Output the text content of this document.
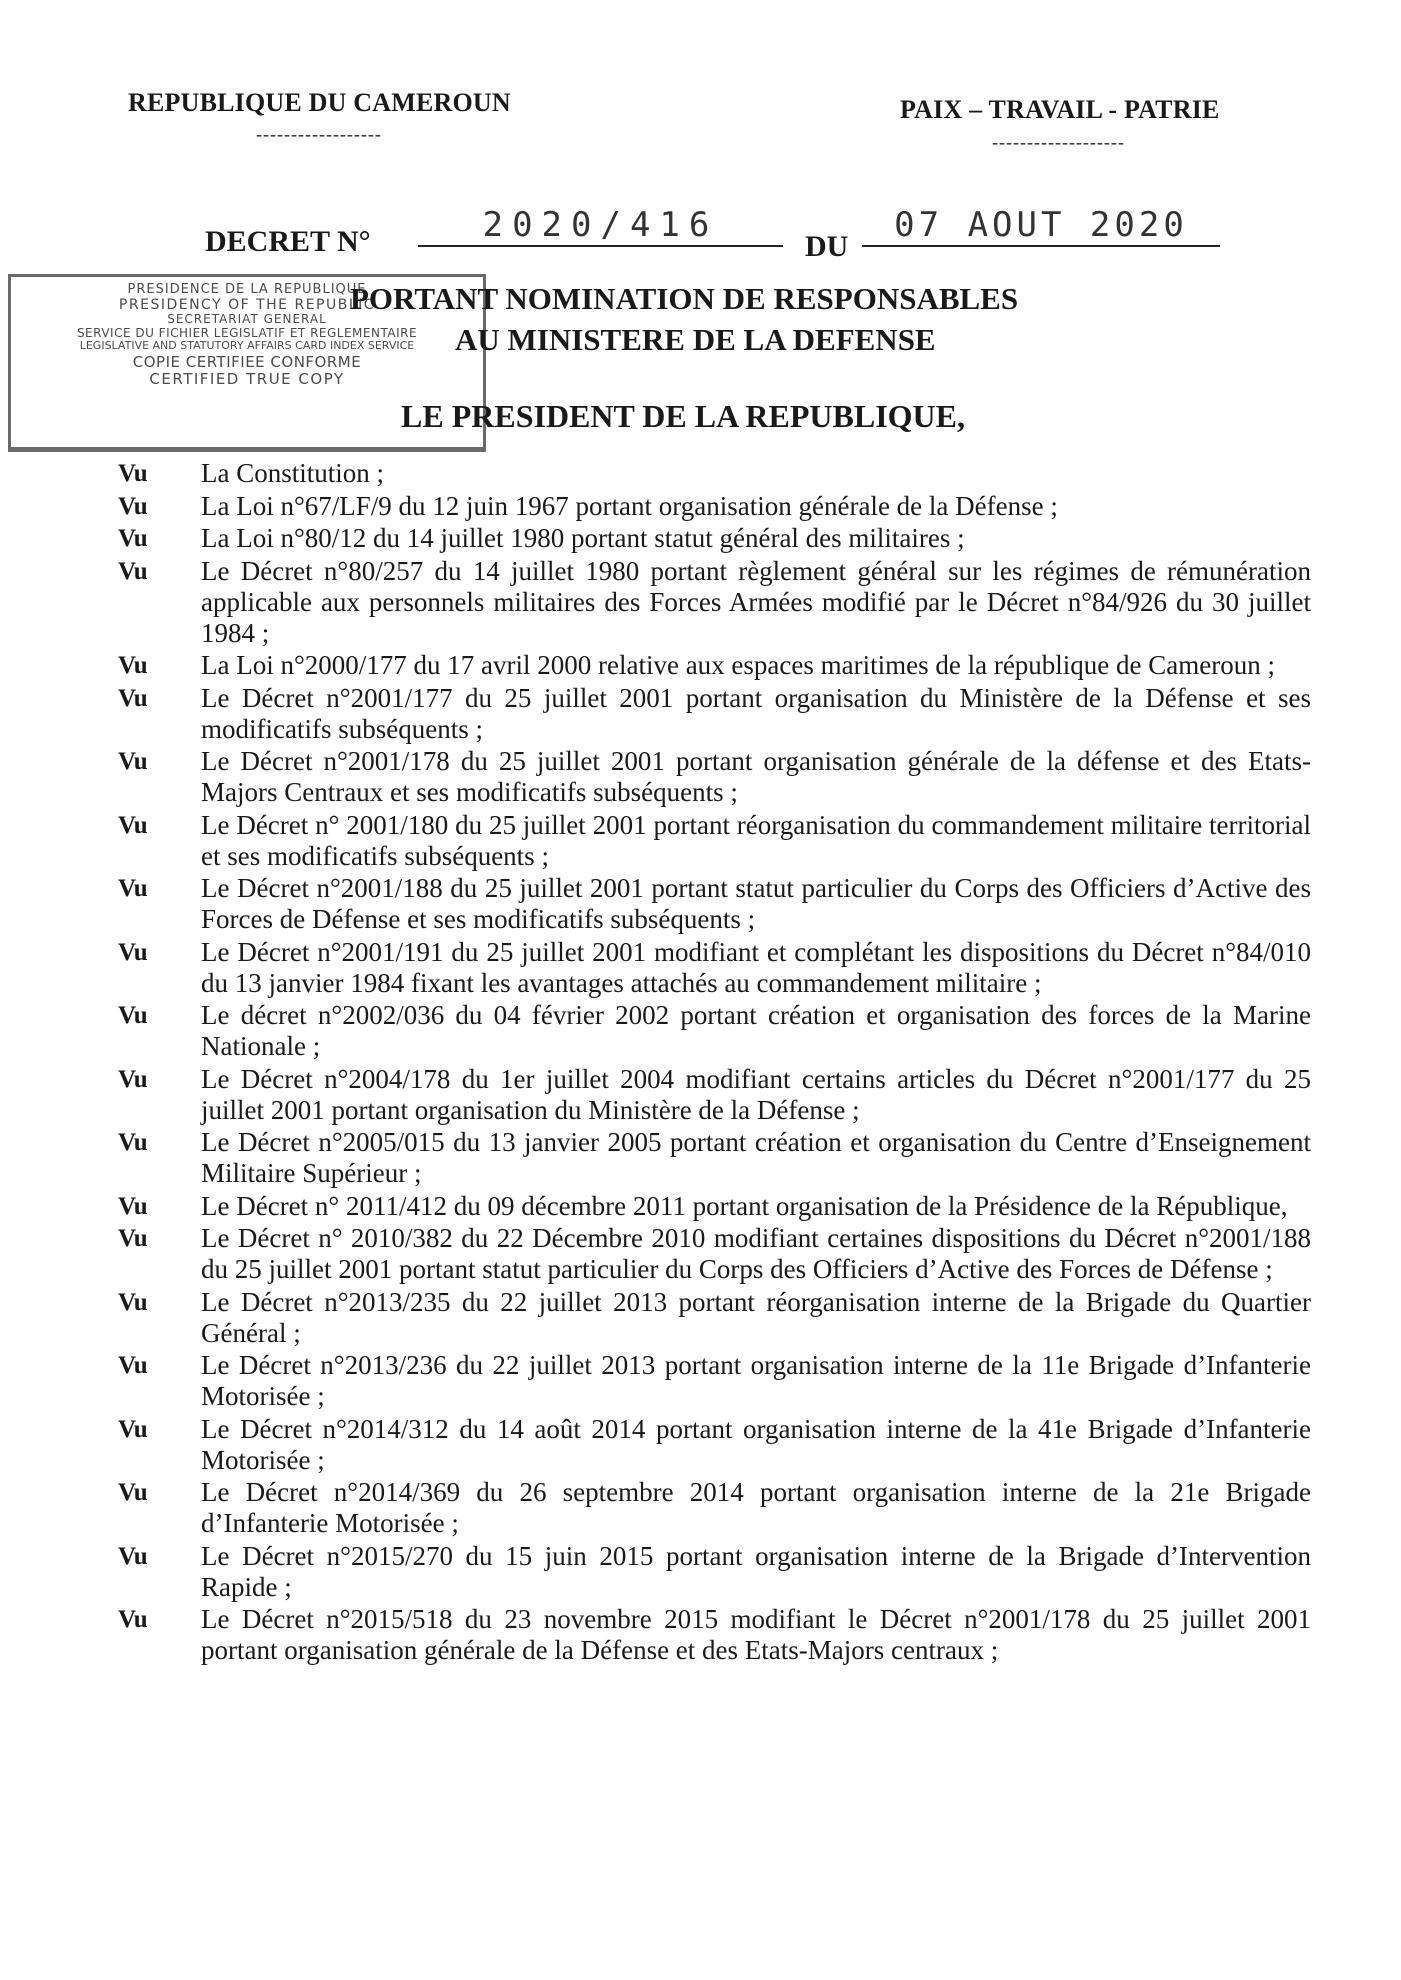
REPUBLIQUE DU CAMEROUN
------------------
PAIX – TRAVAIL - PATRIE
-------------------
DECRET N°	2020/416
DU
07 AOUT 2020
PRESIDENCE DE LA REPUBLIQUE
PRESIDENCY OF THE REPUBLIC
SECRETARIAT GENERAL
SERVICE DU FICHIER LEGISLATIF ET REGLEMENTAIRE
LEGISLATIVE AND STATUTORY AFFAIRS CARD INDEX SERVICE
COPIE CERTIFIEE CONFORME
CERTIFIED TRUE COPY
PORTANT NOMINATION DE RESPONSABLES
AU MINISTERE DE LA DEFENSE
LE PRESIDENT DE LA REPUBLIQUE,
Vu	La Constitution ;
Vu	La Loi n°67/LF/9 du 12 juin 1967 portant organisation générale de la Défense ;
Vu	La Loi n°80/12 du 14 juillet 1980 portant statut général des militaires ;
Vu	Le Décret n°80/257 du 14 juillet 1980 portant règlement général sur les régimes de rémunération applicable aux personnels militaires des Forces Armées modifié par le Décret n°84/926 du 30 juillet 1984 ;
Vu	La Loi n°2000/177 du 17 avril 2000 relative aux espaces maritimes de la république de Cameroun ;
Vu	Le Décret n°2001/177 du 25 juillet 2001 portant organisation du Ministère de la Défense et ses modificatifs subséquents ;
Vu	Le Décret n°2001/178 du 25 juillet 2001 portant organisation générale de la défense et des Etats-Majors Centraux et ses modificatifs subséquents ;
Vu	Le Décret n° 2001/180 du 25 juillet 2001 portant réorganisation du commandement militaire territorial et ses modificatifs subséquents ;
Vu	Le Décret n°2001/188 du 25 juillet 2001 portant statut particulier du Corps des Officiers d’Active des Forces de Défense et ses modificatifs subséquents ;
Vu	Le Décret n°2001/191 du 25 juillet 2001 modifiant et complétant les dispositions du Décret n°84/010 du 13 janvier 1984 fixant les avantages attachés au commandement militaire ;
Vu	Le décret n°2002/036 du 04 février 2002 portant création et organisation des forces de la Marine Nationale ;
Vu	Le Décret n°2004/178 du 1er juillet 2004 modifiant certains articles du Décret n°2001/177 du 25 juillet 2001 portant organisation du Ministère de la Défense ;
Vu	Le Décret n°2005/015 du 13 janvier 2005 portant création et organisation du Centre d’Enseignement Militaire Supérieur ;
Vu	Le Décret n° 2011/412 du 09 décembre 2011 portant organisation de la Présidence de la République,
Vu	Le Décret n° 2010/382 du 22 Décembre 2010 modifiant certaines dispositions du Décret n°2001/188 du 25 juillet 2001 portant statut particulier du Corps des Officiers d’Active des Forces de Défense ;
Vu	Le Décret n°2013/235 du 22 juillet 2013 portant réorganisation interne de la Brigade du Quartier Général ;
Vu	Le Décret n°2013/236 du 22 juillet 2013 portant organisation interne de la 11e Brigade d’Infanterie Motorisée ;
Vu	Le Décret n°2014/312 du 14 août 2014 portant organisation interne de la 41e Brigade d’Infanterie Motorisée ;
Vu	Le Décret n°2014/369 du 26 septembre 2014 portant organisation interne de la 21e Brigade d’Infanterie Motorisée ;
Vu	Le Décret n°2015/270 du 15 juin 2015 portant organisation interne de la Brigade d’Intervention Rapide ;
Vu	Le Décret n°2015/518 du 23 novembre 2015 modifiant le Décret n°2001/178 du 25 juillet 2001 portant organisation générale de la Défense et des Etats-Majors centraux ;
